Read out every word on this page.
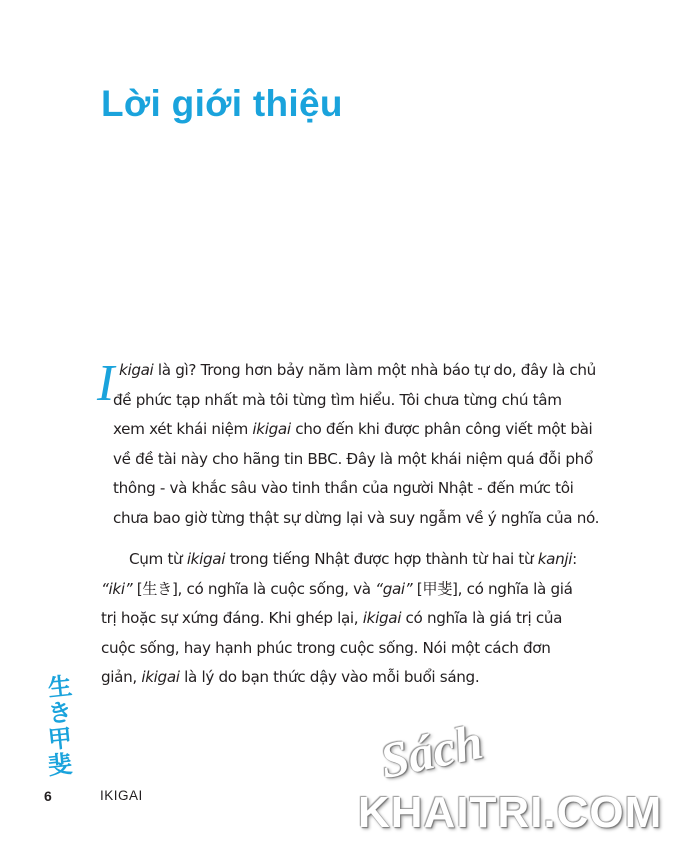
Lời giới thiệu

I kigai là gì? Trong hơn bảy năm làm một nhà báo tự do, đây là chủ
đề phức tạp nhất mà tôi từng tìm hiểu. Tôi chưa từng chú tâm
xem xét khái niệm ikigai cho đến khi được phân công viết một bài
về đề tài này cho hãng tin BBC. Đây là một khái niệm quá đỗi phổ
thông - và khắc sâu vào tinh thần của người Nhật - đến mức tôi
chưa bao giờ từng thật sự dừng lại và suy ngẫm về ý nghĩa của nó.

Cụm từ ikigai trong tiếng Nhật được hợp thành từ hai từ kanji:
“iki” [生き], có nghĩa là cuộc sống, và “gai” [甲斐], có nghĩa là giá
trị hoặc sự xứng đáng. Khi ghép lại, ikigai có nghĩa là giá trị của
cuộc sống, hay hạnh phúc trong cuộc sống. Nói một cách đơn
giản, ikigai là lý do bạn thức dậy vào mỗi buổi sáng.

生
き
甲
斐
6	IKIGAI
Sách
KHAITRI.COM
